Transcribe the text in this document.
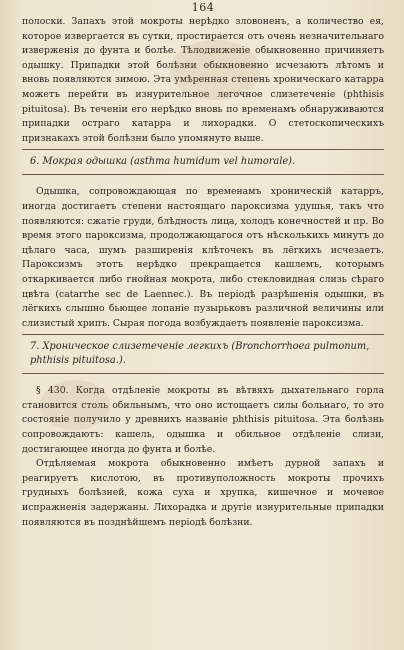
164

полоски. Запахъ этой мокроты нерѣдко зловоненъ, а количество ея, которое извергается въ сутки, простирается отъ очень незначительнаго изверженія до фунта и болѣе. Тѣлодвиженіе обыкновенно причиняетъ одышку. Припадки этой болѣзни обыкновенно исчезаютъ лѣтомъ и вновь появляются зимою. Эта умѣренная степень хроническаго катарра можетъ перейти въ изнурительное легочное слизетеченіе (phthisis pituitosa). Въ теченіи его нерѣдко вновь по временамъ обнаруживаются припадки остраго катарра и лихорадки. О стетоскопическихъ признакахъ этой болѣзни было упомянуто выше.

6. Мокрая одышка (asthma humidum vel humorale).

Одышка, сопровождающая по временамъ хроническій катарръ, иногда достигаетъ степени настоящаго пароксизма удушья, такъ что появляются: сжатіе груди, блѣдность лица, холодъ конечностей и пр. Во время этого пароксизма, продолжающагося отъ нѣсколькихъ минутъ до цѣлаго часа, шумъ разширенія клѣточекъ въ лёгкихъ исчезаетъ. Пароксизмъ этотъ нерѣдко прекращается кашлемъ, которымъ откаркивается либо гнойная мокрота, либо стекловидная слизь сѣраго цвѣта (catarrhe sec de Laennec.). Въ періодѣ разрѣшенія одышки, въ лёгкихъ слышно бьющее лопаніе пузырьковъ различной величины или слизистый хрипъ. Сырая погода возбуждаетъ появленіе пароксизма.

7. Хроническое слизетеченіе легкихъ (Bronchorrhoea pulmonum, phthisis pituitosa.).

§ 430. Когда отдѣленіе мокроты въ вѣтвяхъ дыхательнаго горла становится столь обильнымъ, что оно истощаетъ силы больнаго, то это состояніе получило у древнихъ названіе phthisis pituitosa. Эта болѣзнь сопровождаютъ: кашель, одышка и обильное отдѣленіе слизи, достигающее иногда до фунта и болѣе.

Отдѣляемая мокрота обыкновенно имѣетъ дурной запахъ и реагируетъ кислотою, въ противуположность мокроты прочихъ грудныхъ болѣзней, кожа суха и хрупка, кишечное и мочевое испражненія задержаны. Лихорадка и другіе изнурительные припадки появляются въ позднѣйшемъ періодѣ болѣзни.
